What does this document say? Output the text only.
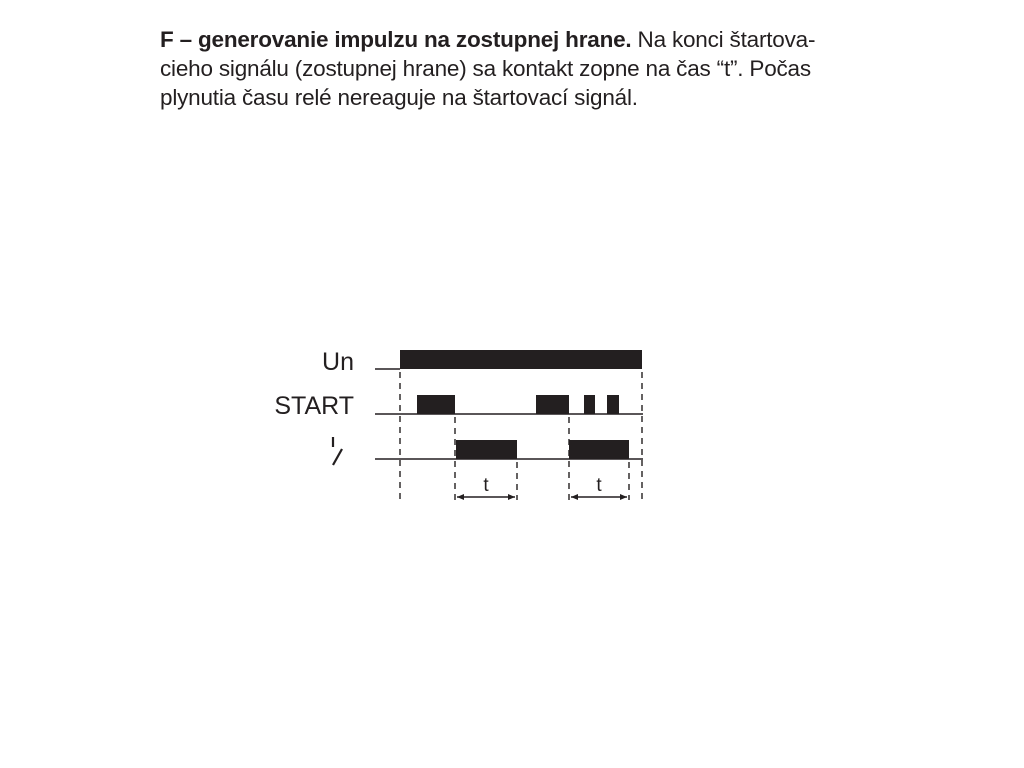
F – generovanie impulzu na zostupnej hrane. Na konci štartova-
cieho signálu (zostupnej hrane) sa kontakt zopne na čas “t”. Počas
plynutia času relé nereaguje na štartovací signál.

Un
START
t	t
